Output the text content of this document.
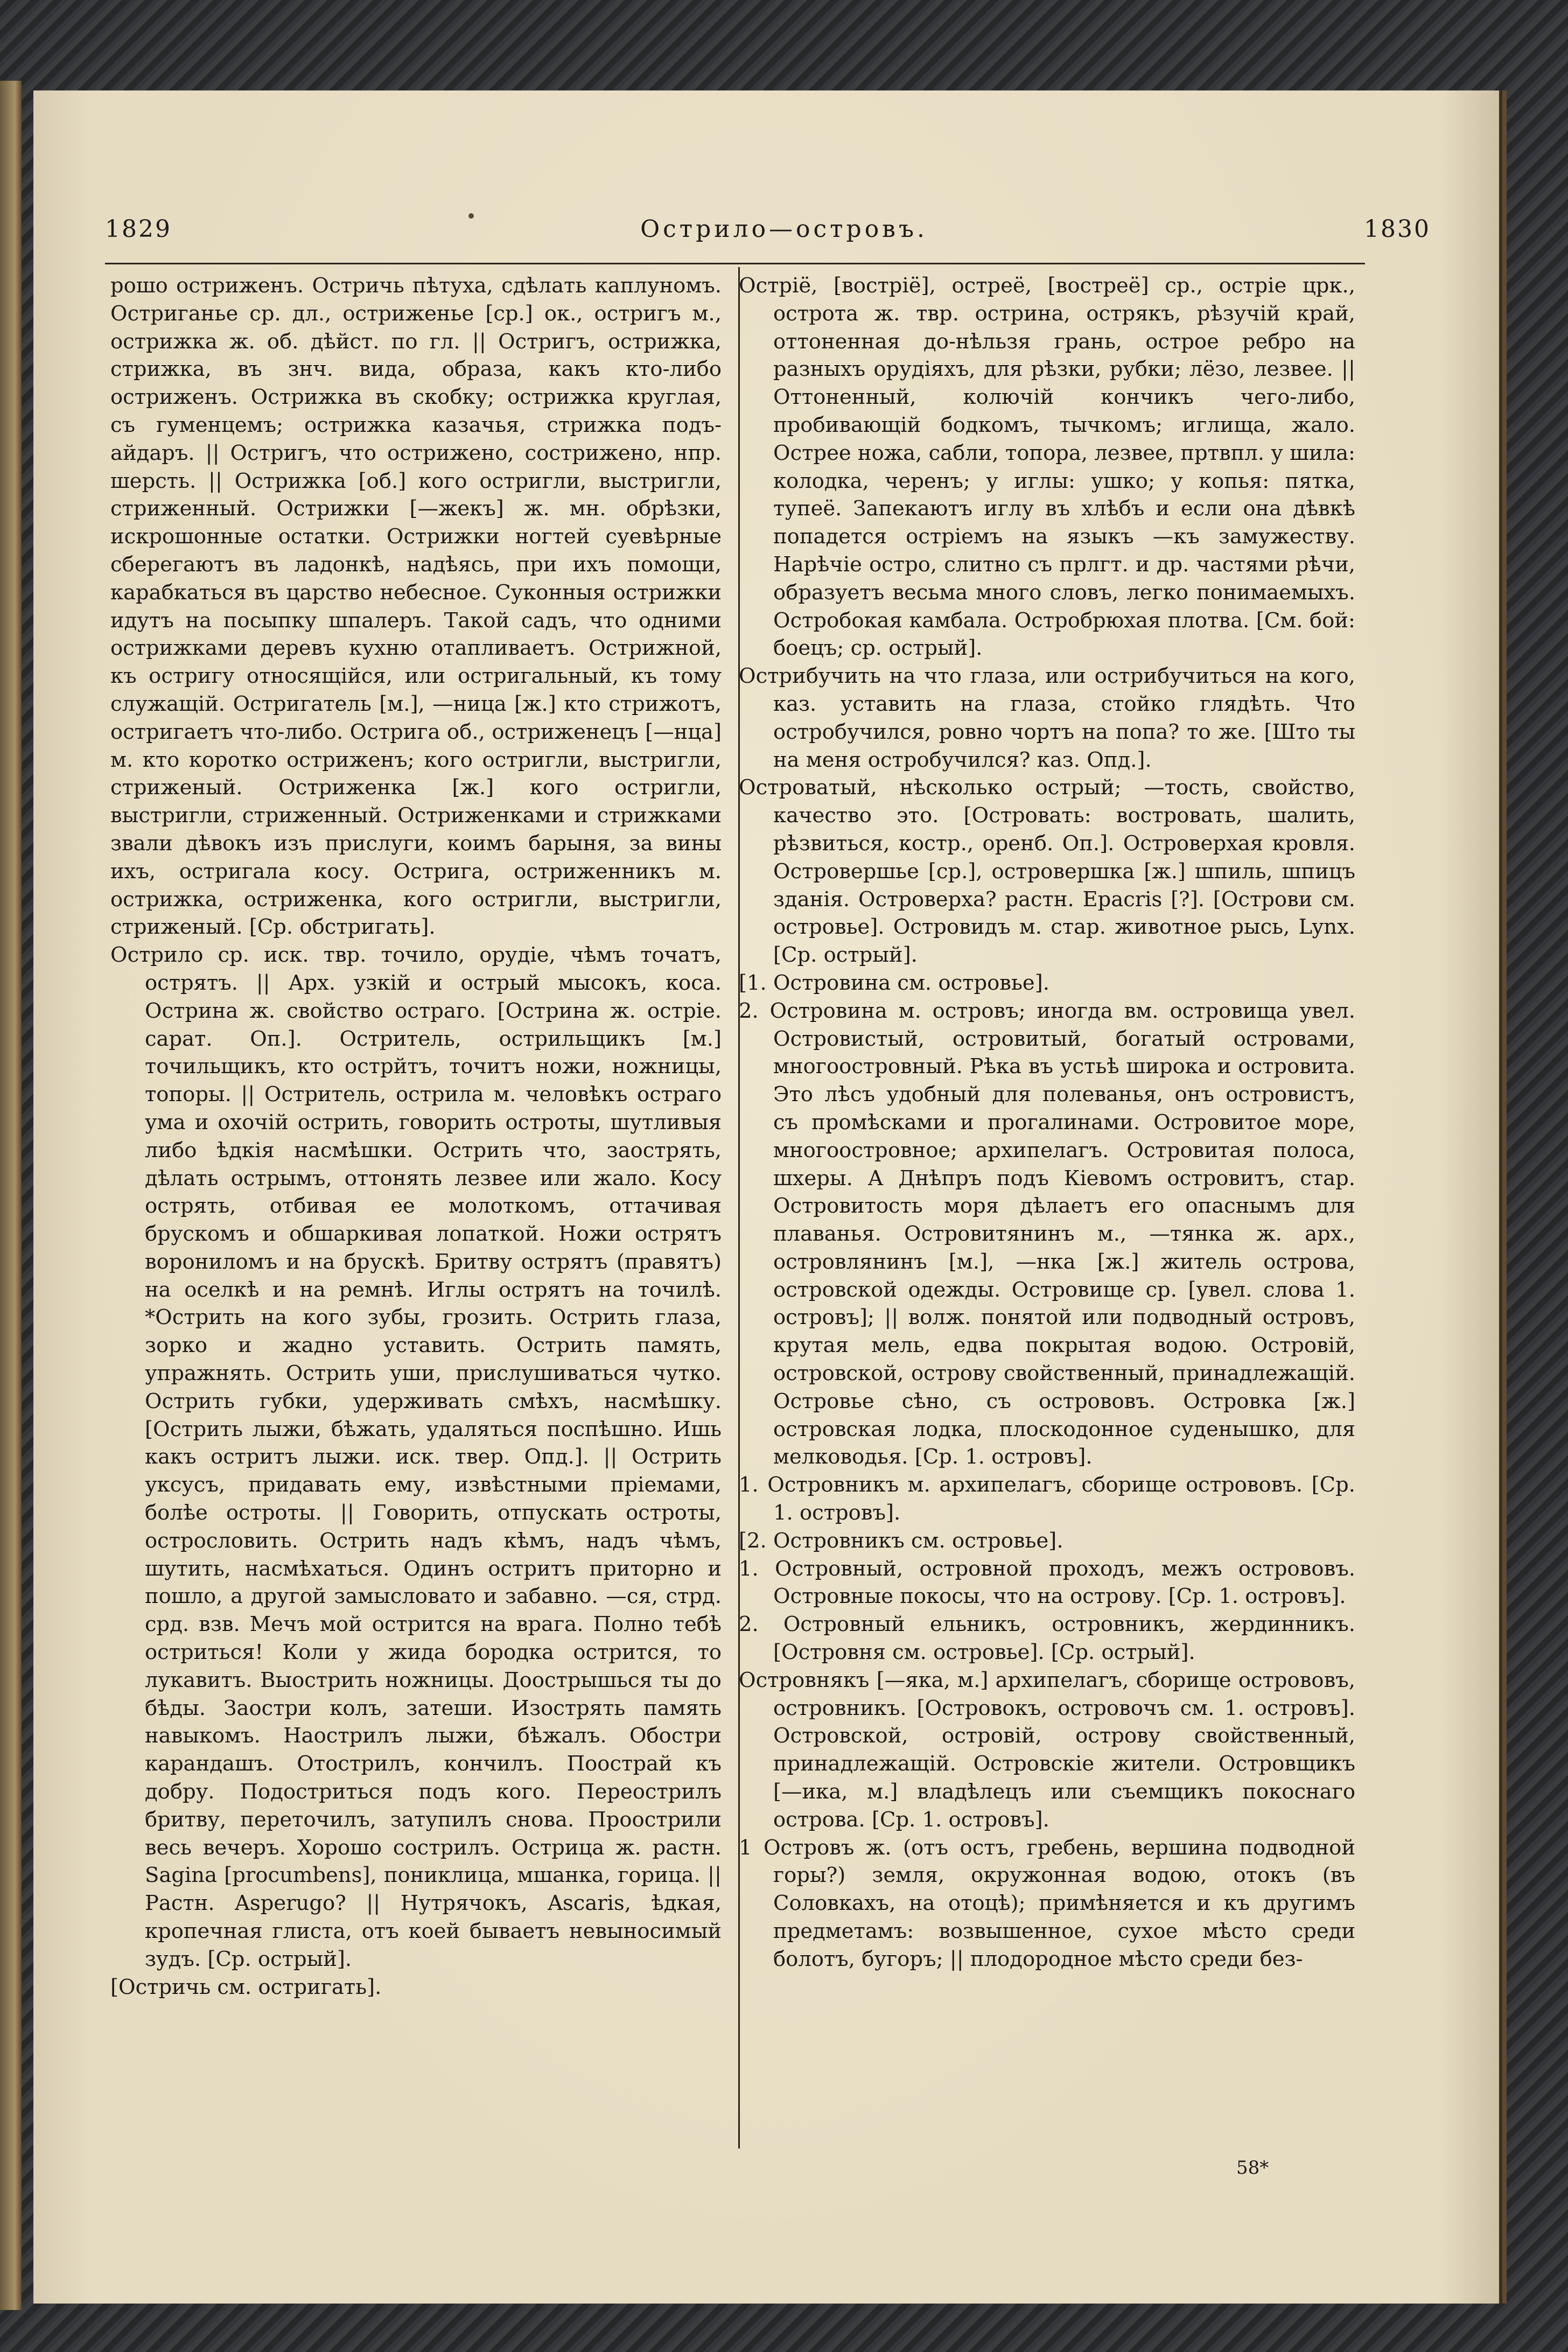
1829	Острило—островъ.	1830

рошо остриженъ. Остричь пѣтуха, сдѣлать каплуномъ. Остриганье ср. дл., остриженье [ср.] ок., остригъ м., острижка ж. об. дѣйст. по гл. || Остригъ, острижка, стрижка, въ знч. вида, образа, какъ кто-либо остриженъ. Острижка въ скобку; острижка круглая, съ гуменцемъ; острижка казачья, стрижка подъ-айдаръ. || Остригъ, что острижено, сострижено, нпр. шерсть. || Острижка [об.] кого остригли, выстригли, стриженный. Острижки [—жекъ] ж. мн. обрѣзки, искрошонные остатки. Острижки ногтей суевѣрные сберегаютъ въ ладонкѣ, надѣясь, при ихъ помощи, карабкаться въ царство небесное. Суконныя острижки идутъ на посыпку шпалеръ. Такой садъ, что одними острижками деревъ кухню отапливаетъ. Острижной, къ остригу относящійся, или остригальный, къ тому служащій. Остригатель [м.], —ница [ж.] кто стрижотъ, остригаетъ что-либо. Остригa об., остриженецъ [—нца] м. кто коротко остриженъ; кого остригли, выстригли, стриженый. Остриженка [ж.] кого остригли, выстригли, стриженный. Остриженками и стрижками звали дѣвокъ изъ прислуги, коимъ барыня, за вины ихъ, остригала косу. Острига, остриженникъ м. острижка, остриженка, кого остригли, выстригли, стриженый. [Ср. обстригать].

Острило ср. иск. твр. точило, орудіе, чѣмъ точатъ, острятъ. || Арх. узкій и острый мысокъ, коса. Острина ж. свойство остраго. [Острина ж. остріе. сарат. Оп.]. Остритель, острильщикъ [м.] точильщикъ, кто острйтъ, точитъ ножи, ножницы, топоры. || Остритель, острила м. человѣкъ остраго ума и охочій острить, говорить остроты, шутливыя либо ѣдкія насмѣшки. Острить что, заострять, дѣлать острымъ, оттонять лезвее или жало. Косу острять, отбивая ее молоткомъ, оттачивая брускомъ и обшаркивая лопаткой. Ножи острятъ ворониломъ и на брускѣ. Бритву острятъ (правятъ) на оселкѣ и на ремнѣ. Иглы острятъ на точилѣ. *Острить на кого зубы, грозить. Острить глаза, зорко и жадно уставить. Острить память, упражнять. Острить уши, прислушиваться чутко. Острить губки, удерживать смѣхъ, насмѣшку. [Острить лыжи, бѣжать, удаляться поспѣшно. Ишь какъ остритъ лыжи. иск. твер. Опд.]. || Острить уксусъ, придавать ему, извѣстными пріемами, болѣе остроты. || Говорить, отпускать остроты, острословить. Острить надъ кѣмъ, надъ чѣмъ, шутить, насмѣхаться. Одинъ остритъ приторно и пошло, а другой замысловато и забавно. —ся, стрд. срд. взв. Мечъ мой острится на врага. Полно тебѣ остриться! Коли у жида бородка острится, то лукавитъ. Выострить ножницы. Доострышься ты до бѣды. Заостри колъ, затеши. Изострять память навыкомъ. Наострилъ лыжи, бѣжалъ. Обостри карандашъ. Отострилъ, кончилъ. Поострай къ добру. Подостриться подъ кого. Переострилъ бритву, переточилъ, затупилъ снова. Проострили весь вечеръ. Хорошо сострилъ. Острица ж. растн. Sagina [procumbens], пониклица, мшанка, горица. || Растн. Asperugo? || Нутрячокъ, Ascaris, ѣдкая, кропечная глиста, отъ коей бываетъ невыносимый зудъ. [Ср. острый].

[Остричь см. остригать].

Остріё, [востріё], остреё, [востреё] ср., остріе црк., острота ж. твр. острина, острякъ, рѣзучій край, оттоненная до-нѣльзя грань, острое ребро на разныхъ орудіяхъ, для рѣзки, рубки; лёзо, лезвее. || Оттоненный, колючій кончикъ чего-либо, пробивающій бодкомъ, тычкомъ; иглища, жало. Острее ножа, сабли, топора, лезвее, пртвпл. у шила: колодка, черенъ; у иглы: ушко; у копья: пятка, тупеё. Запекаютъ иглу въ хлѣбъ и если она дѣвкѣ попадется остріемъ на языкъ —къ замужеству. Нарѣчіе остро, слитно съ прлгт. и др. частями рѣчи, образуетъ весьма много словъ, легко понимаемыхъ. Остробокая камбала. Остробрюхая плотва. [См. бой: боецъ; ср. острый].

Острибучить на что глаза, или острибучиться на кого, каз. уставить на глаза, стойко глядѣть. Что остробучился, ровно чортъ на попа? то же. [Што ты на меня остробучился? каз. Опд.].

Островатый, нѣсколько острый; —тость, свойство, качество это. [Островать: востровать, шалить, рѣзвиться, костр., оренб. Оп.]. Островерхая кровля. Островершье [ср.], островершка [ж.] шпиль, шпицъ зданія. Островерха? растн. Epacris [?]. [Острови см. островье]. Островидъ м. стар. животное рысь, Lynx. [Ср. острый].

[1. Островина см. островье].

2. Островина м. островъ; иногда вм. островища увел. Островистый, островитый, богатый островами, многоостровный. Рѣка въ устьѣ широка и островита. Это лѣсъ удобный для полеванья, онъ островистъ, съ промѣсками и прогалинами. Островитое море, многоостровное; архипелагъ. Островитая полоса, шхеры. А Днѣпръ подъ Кіевомъ островитъ, стар. Островитость моря дѣлаетъ его опаснымъ для плаванья. Островитянинъ м., —тянка ж. арх., островлянинъ [м.], —нка [ж.] житель острова, островской одежды. Островище ср. [увел. слова 1. островъ]; || волж. понятой или подводный островъ, крутая мель, едва покрытая водою. Островій, островской, острову свойственный, принадлежащій. Островье сѣно, съ острововъ. Островка [ж.] островская лодка, плоскодонное суденышко, для мелководья. [Ср. 1. островъ].

1. Островникъ м. архипелагъ, сборище острововъ. [Ср. 1. островъ].

[2. Островникъ см. островье].

1. Островный, островной проходъ, межъ острововъ. Островные покосы, что на острову. [Ср. 1. островъ].

2. Островный ельникъ, островникъ, жердинникъ. [Островня см. островье]. [Ср. острый].

Островнякъ [—яка, м.] архипелагъ, сборище острововъ, островникъ. [Островокъ, островочъ см. 1. островъ]. Островской, островій, острову свойственный, принадлежащій. Островскіе жители. Островщикъ [—ика, м.] владѣлецъ или съемщикъ покоснаго острова. [Ср. 1. островъ].

1 Островъ ж. (отъ остъ, гребень, вершина подводной горы?) земля, окружонная водою, отокъ (въ Соловкахъ, на отоцѣ); примѣняется и къ другимъ предметамъ: возвышенное, сухое мѣсто среди болотъ, бугоръ; || плодородное мѣсто среди без-

58*
